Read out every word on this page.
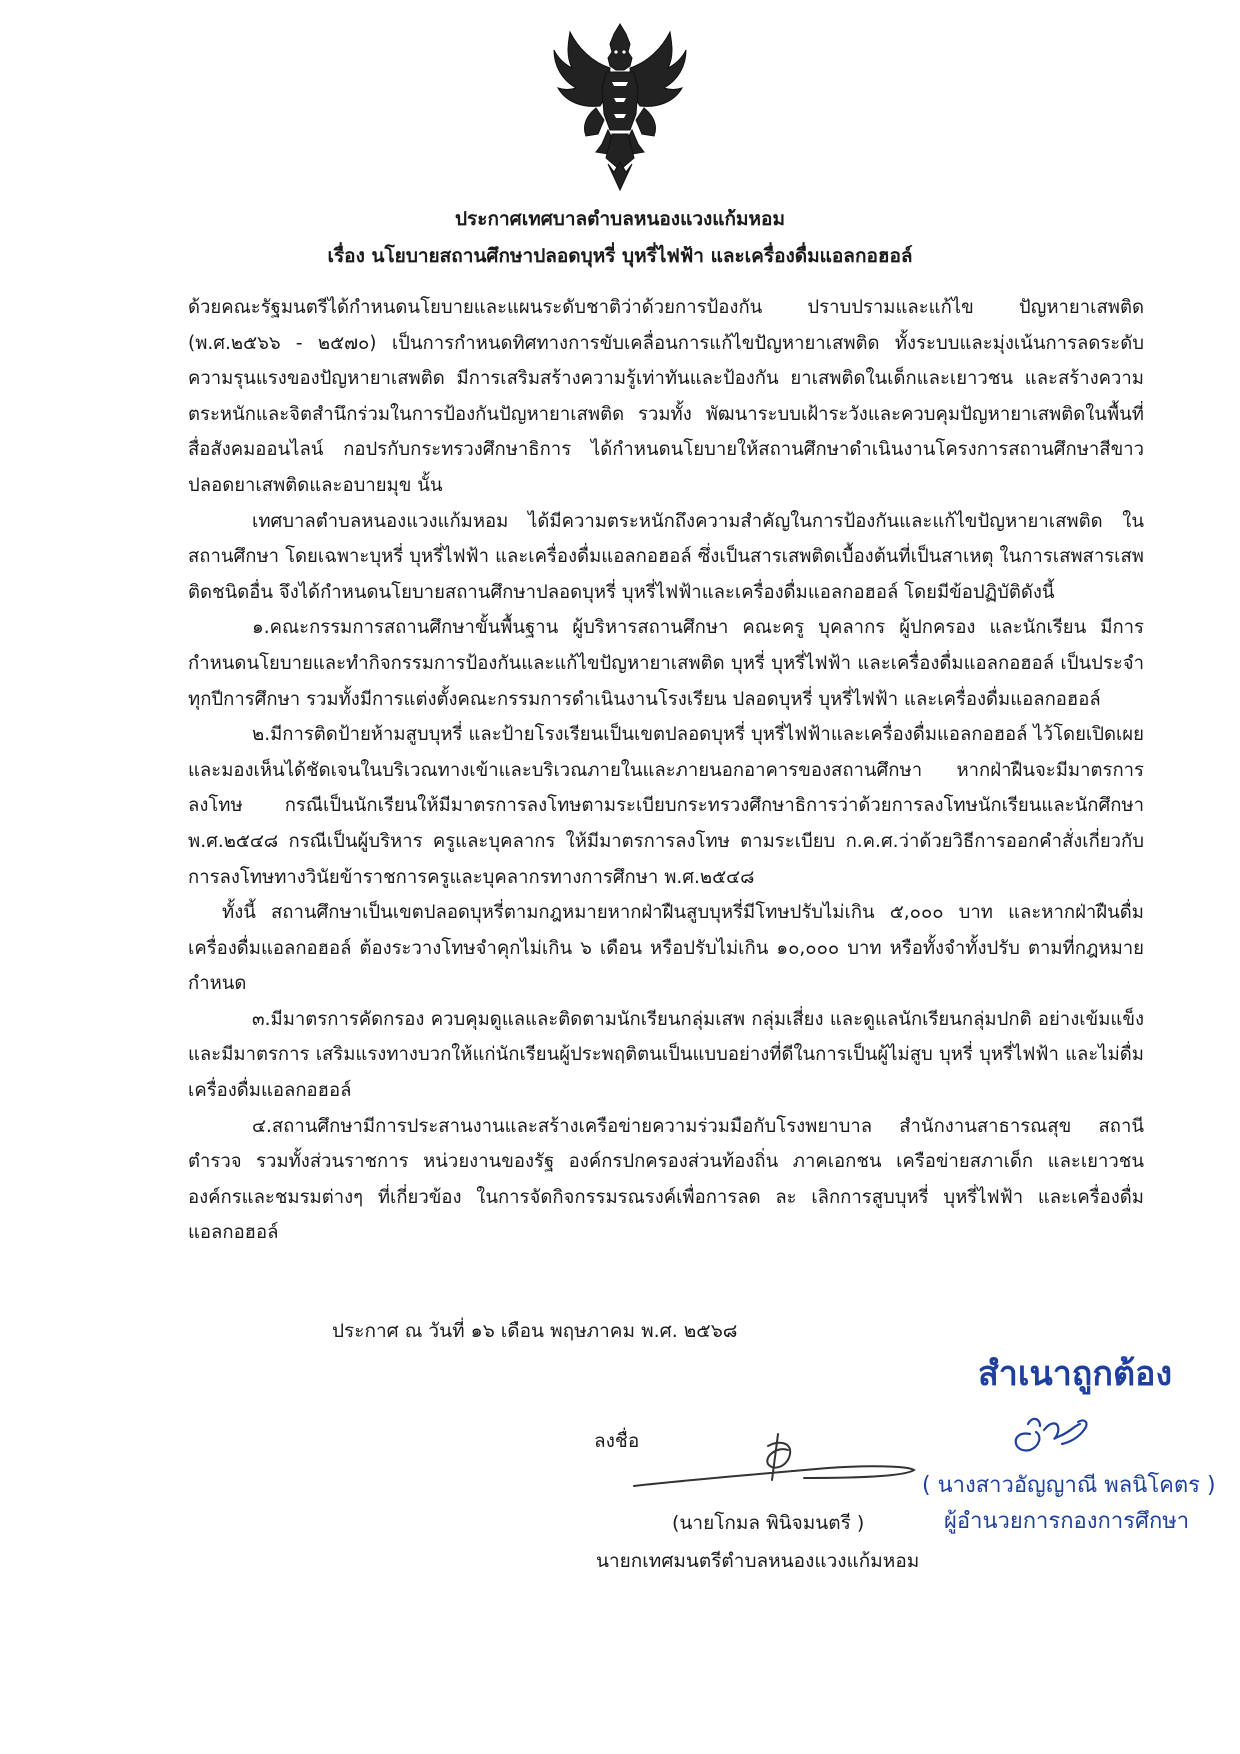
ประกาศเทศบาลตำบลหนองแวงแก้มหอม
เรื่อง นโยบายสถานศึกษาปลอดบุหรี่ บุหรี่ไฟฟ้า และเครื่องดื่มแอลกอฮอล์

ด้วยคณะรัฐมนตรีได้กำหนดนโยบายและแผนระดับชาติว่าด้วยการป้องกัน ปราบปรามและแก้ไข ปัญหายาเสพติด (พ.ศ.๒๕๖๖ - ๒๕๗๐) เป็นการกำหนดทิศทางการขับเคลื่อนการแก้ไขปัญหายาเสพติด ทั้งระบบและมุ่งเน้นการลดระดับความรุนแรงของปัญหายาเสพติด มีการเสริมสร้างความรู้เท่าทันและป้องกัน ยาเสพติดในเด็กและเยาวชน และสร้างความตระหนักและจิตสำนึกร่วมในการป้องกันปัญหายาเสพติด รวมทั้ง พัฒนาระบบเฝ้าระวังและควบคุมปัญหายาเสพติดในพื้นที่สื่อสังคมออนไลน์ กอปรกับกระทรวงศึกษาธิการ ได้กำหนดนโยบายให้สถานศึกษาดำเนินงานโครงการสถานศึกษาสีขาว ปลอดยาเสพติดและอบายมุข นั้น

เทศบาลตำบลหนองแวงแก้มหอม ได้มีความตระหนักถึงความสำคัญในการป้องกันและแก้ไขปัญหายาเสพติด ในสถานศึกษา โดยเฉพาะบุหรี่ บุหรี่ไฟฟ้า และเครื่องดื่มแอลกอฮอล์ ซึ่งเป็นสารเสพติดเบื้องต้นที่เป็นสาเหตุ ในการเสพสารเสพติดชนิดอื่น จึงได้กำหนดนโยบายสถานศึกษาปลอดบุหรี่ บุหรี่ไฟฟ้าและเครื่องดื่มแอลกอฮอล์ โดยมีข้อปฏิบัติดังนี้

๑.คณะกรรมการสถานศึกษาขั้นพื้นฐาน ผู้บริหารสถานศึกษา คณะครู บุคลากร ผู้ปกครอง และนักเรียน มีการกำหนดนโยบายและทำกิจกรรมการป้องกันและแก้ไขปัญหายาเสพติด บุหรี่ บุหรี่ไฟฟ้า และเครื่องดื่มแอลกอฮอล์ เป็นประจำทุกปีการศึกษา รวมทั้งมีการแต่งตั้งคณะกรรมการดำเนินงานโรงเรียน ปลอดบุหรี่ บุหรี่ไฟฟ้า และเครื่องดื่มแอลกอฮอล์

๒.มีการติดป้ายห้ามสูบบุหรี่ และป้ายโรงเรียนเป็นเขตปลอดบุหรี่ บุหรี่ไฟฟ้าและเครื่องดื่มแอลกอฮอล์ ไว้โดยเปิดเผยและมองเห็นได้ชัดเจนในบริเวณทางเข้าและบริเวณภายในและภายนอกอาคารของสถานศึกษา หากฝ่าฝืนจะมีมาตรการลงโทษ กรณีเป็นนักเรียนให้มีมาตรการลงโทษตามระเบียบกระทรวงศึกษาธิการว่าด้วยการลงโทษนักเรียนและนักศึกษา พ.ศ.๒๕๔๘ กรณีเป็นผู้บริหาร ครูและบุคลากร ให้มีมาตรการลงโทษ ตามระเบียบ ก.ค.ศ.ว่าด้วยวิธีการออกคำสั่งเกี่ยวกับการลงโทษทางวินัยข้าราชการครูและบุคลากรทางการศึกษา พ.ศ.๒๕๔๘

ทั้งนี้ สถานศึกษาเป็นเขตปลอดบุหรี่ตามกฎหมายหากฝ่าฝืนสูบบุหรี่มีโทษปรับไม่เกิน ๕,๐๐๐ บาท และหากฝ่าฝืนดื่มเครื่องดื่มแอลกอฮอล์ ต้องระวางโทษจำคุกไม่เกิน ๖ เดือน หรือปรับไม่เกิน ๑๐,๐๐๐ บาท หรือทั้งจำทั้งปรับ ตามที่กฎหมายกำหนด

๓.มีมาตรการคัดกรอง ควบคุมดูแลและติดตามนักเรียนกลุ่มเสพ กลุ่มเสี่ยง และดูแลนักเรียนกลุ่มปกติ อย่างเข้มแข็ง และมีมาตรการ เสริมแรงทางบวกให้แก่นักเรียนผู้ประพฤติตนเป็นแบบอย่างที่ดีในการเป็นผู้ไม่สูบ บุหรี่ บุหรี่ไฟฟ้า และไม่ดื่มเครื่องดื่มแอลกอฮอล์

๔.สถานศึกษามีการประสานงานและสร้างเครือข่ายความร่วมมือกับโรงพยาบาล สำนักงานสาธารณสุข สถานีตำรวจ รวมทั้งส่วนราชการ หน่วยงานของรัฐ องค์กรปกครองส่วนท้องถิ่น ภาคเอกชน เครือข่ายสภาเด็ก และเยาวชน องค์กรและชมรมต่างๆ ที่เกี่ยวข้อง ในการจัดกิจกรรมรณรงค์เพื่อการลด ละ เลิกการสูบบุหรี่ บุหรี่ไฟฟ้า และเครื่องดื่มแอลกอฮอล์

ประกาศ ณ วันที่ ๑๖ เดือน พฤษภาคม พ.ศ. ๒๕๖๘
ลงชื่อ
(นายโกมล พินิจมนตรี )
นายกเทศมนตรีตำบลหนองแวงแก้มหอม
สำเนาถูกต้อง
( นางสาวอัญญาณี พลนิโคตร )
ผู้อำนวยการกองการศึกษา
